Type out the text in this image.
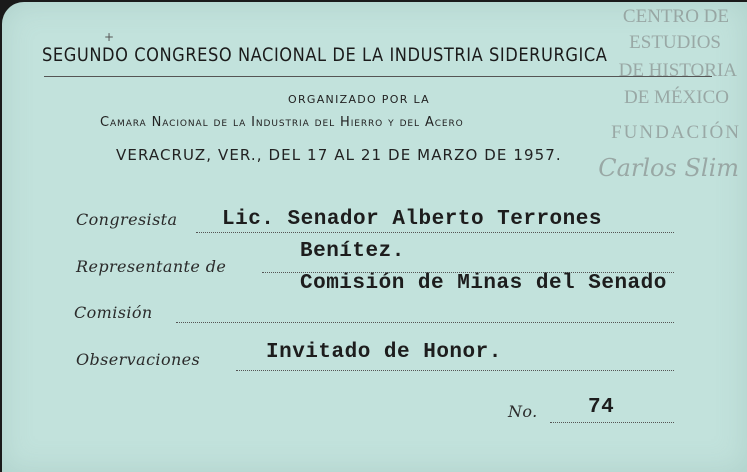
+
SEGUNDO CONGRESO NACIONAL DE LA INDUSTRIA SIDERURGICA
ORGANIZADO POR LA
Camara Nacional de la Industria del Hierro y del Acero
VERACRUZ, VER., DEL 17 AL 21 DE MARZO DE 1957.
Congresista Lic. Senador Alberto Terrones
Benítez.
Representante de
Comisión de Minas del Senado
Comisión
Observaciones	Invitado de Honor.
No. 74
CENTRO DE
ESTUDIOS
DE HISTORIA
DE MÉXICO
FUNDACIÓN
Carlos Slim
